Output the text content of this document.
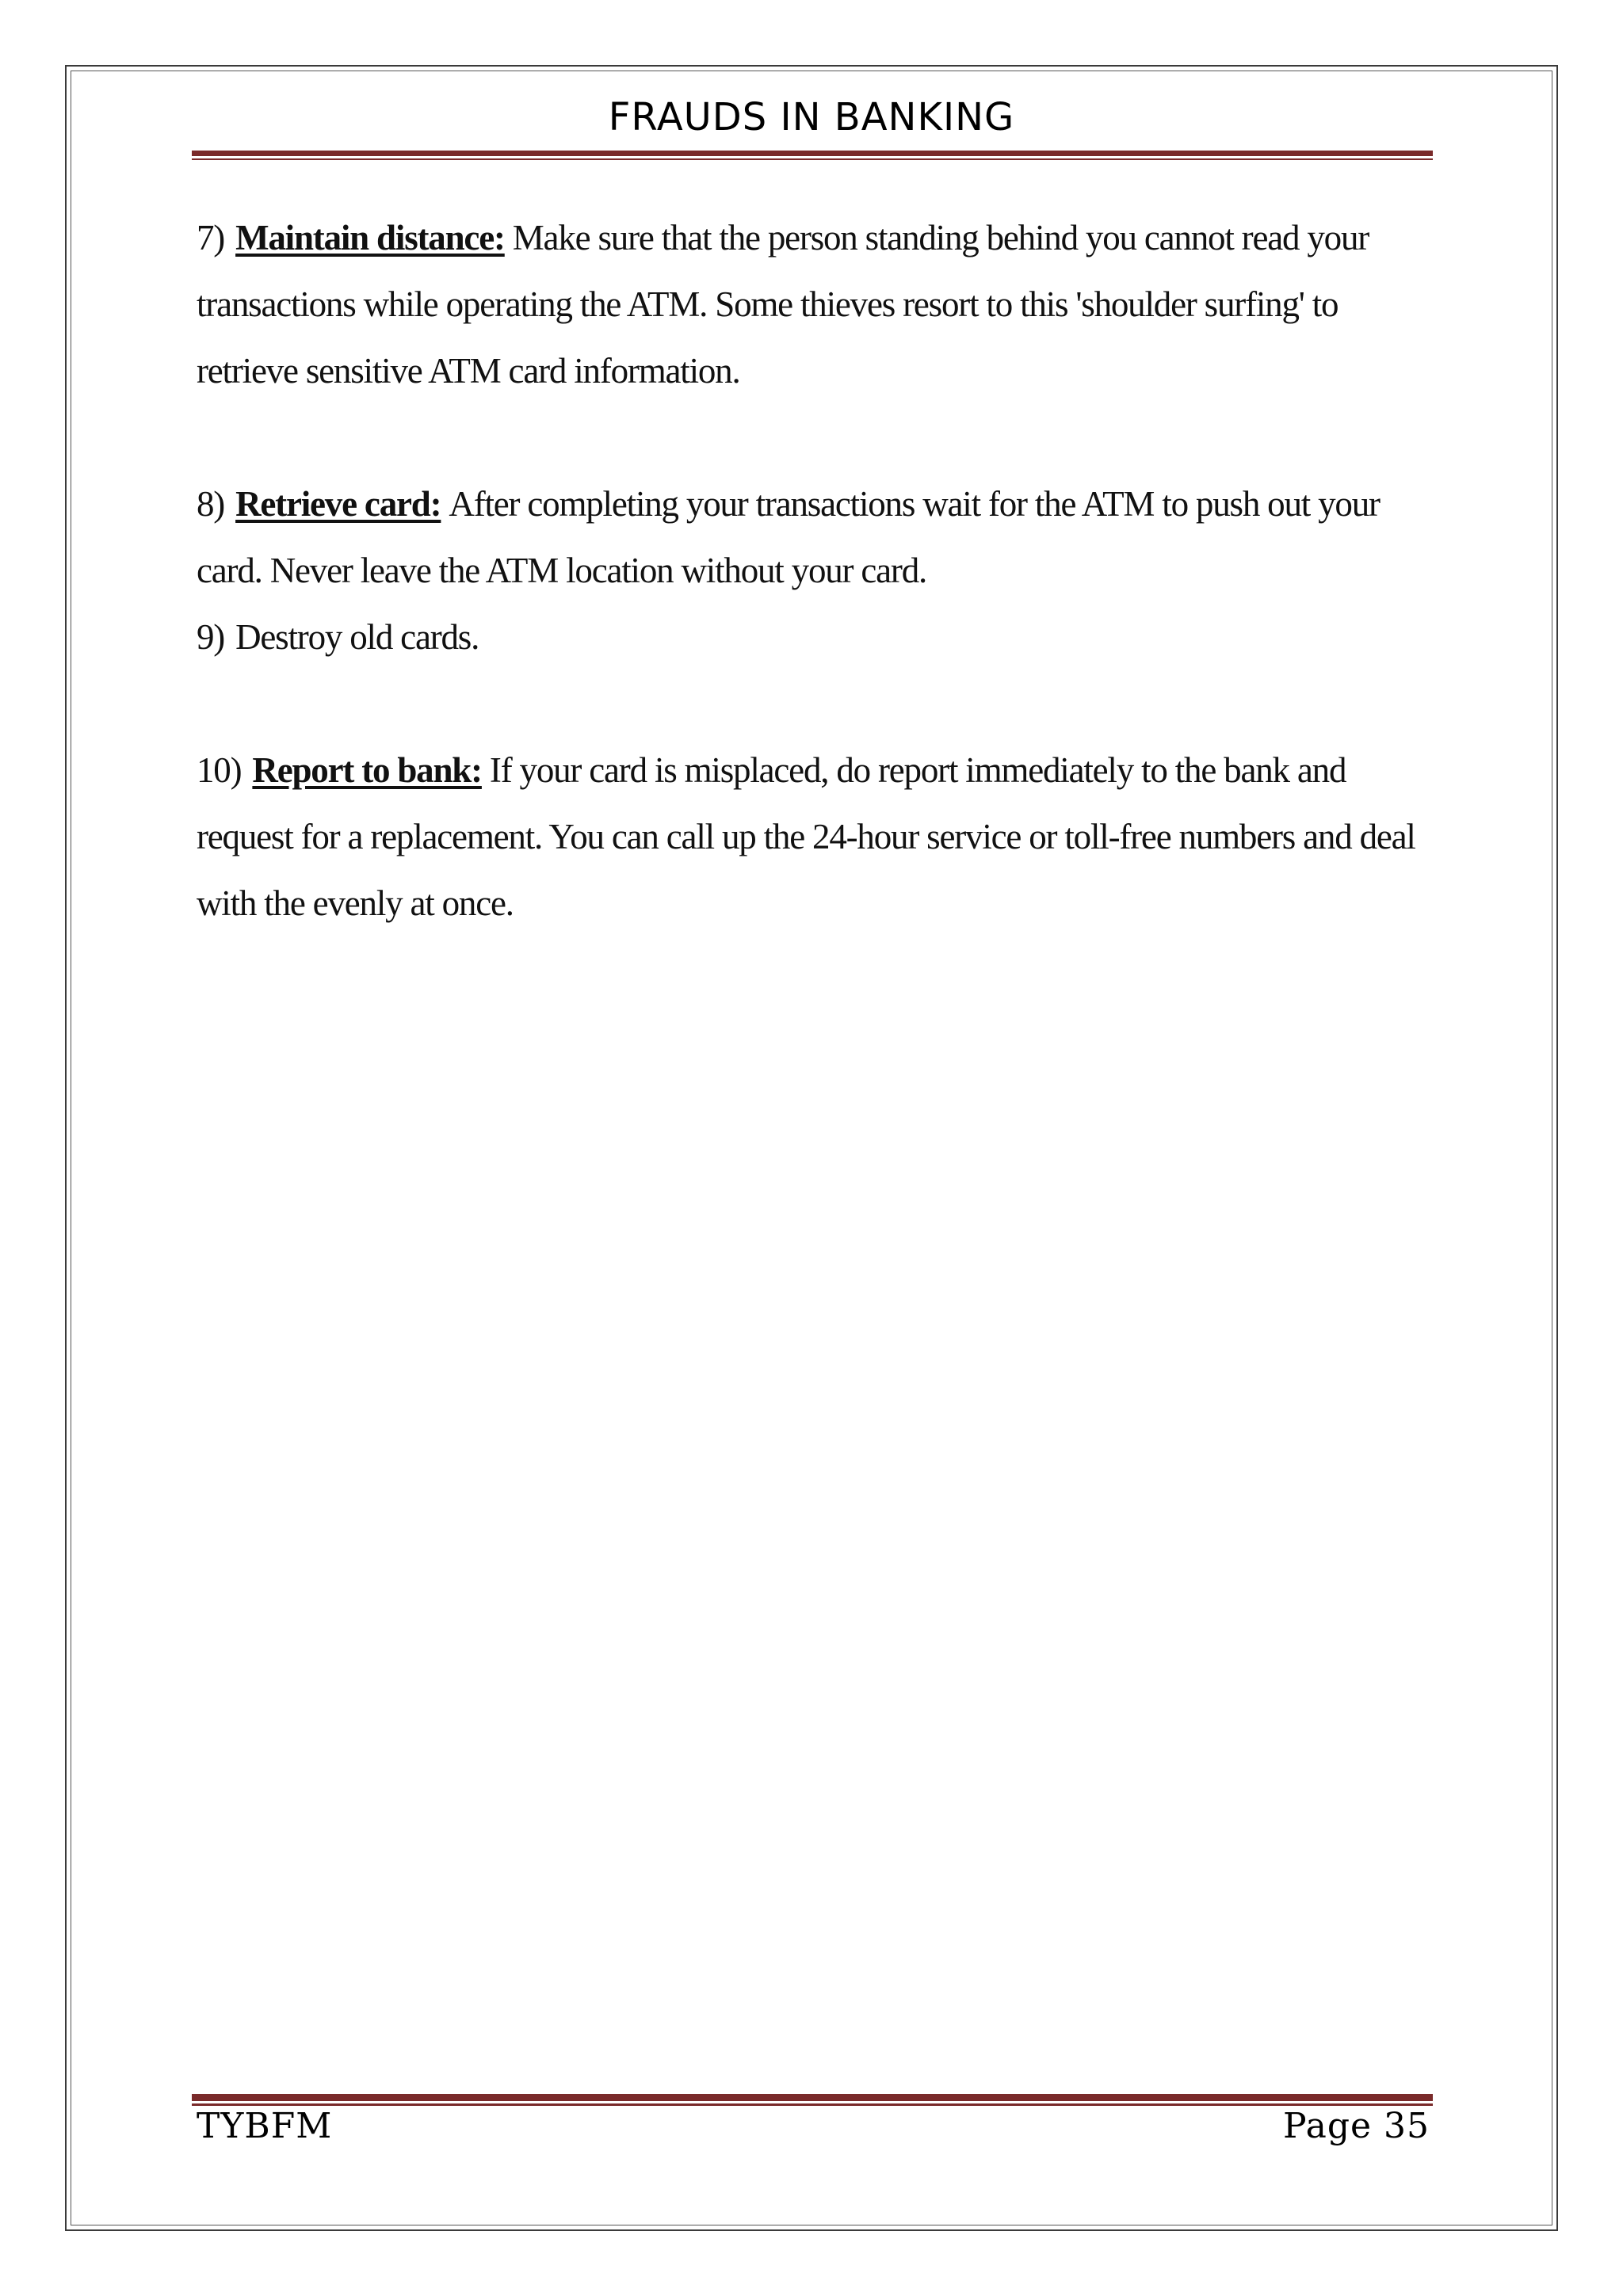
FRAUDS IN BANKING

7) Maintain distance: Make sure that the person standing behind you cannot read your transactions while operating the ATM. Some thieves resort to this 'shoulder surfing' to retrieve sensitive ATM card information.

8) Retrieve card: After completing your transactions wait for the ATM to push out your card. Never leave the ATM location without your card.

9) Destroy old cards.

10) Report to bank: If your card is misplaced, do report immediately to the bank and request for a replacement. You can call up the 24-hour service or toll-free numbers and deal with the evenly at once.

TYBFM	Page 35
